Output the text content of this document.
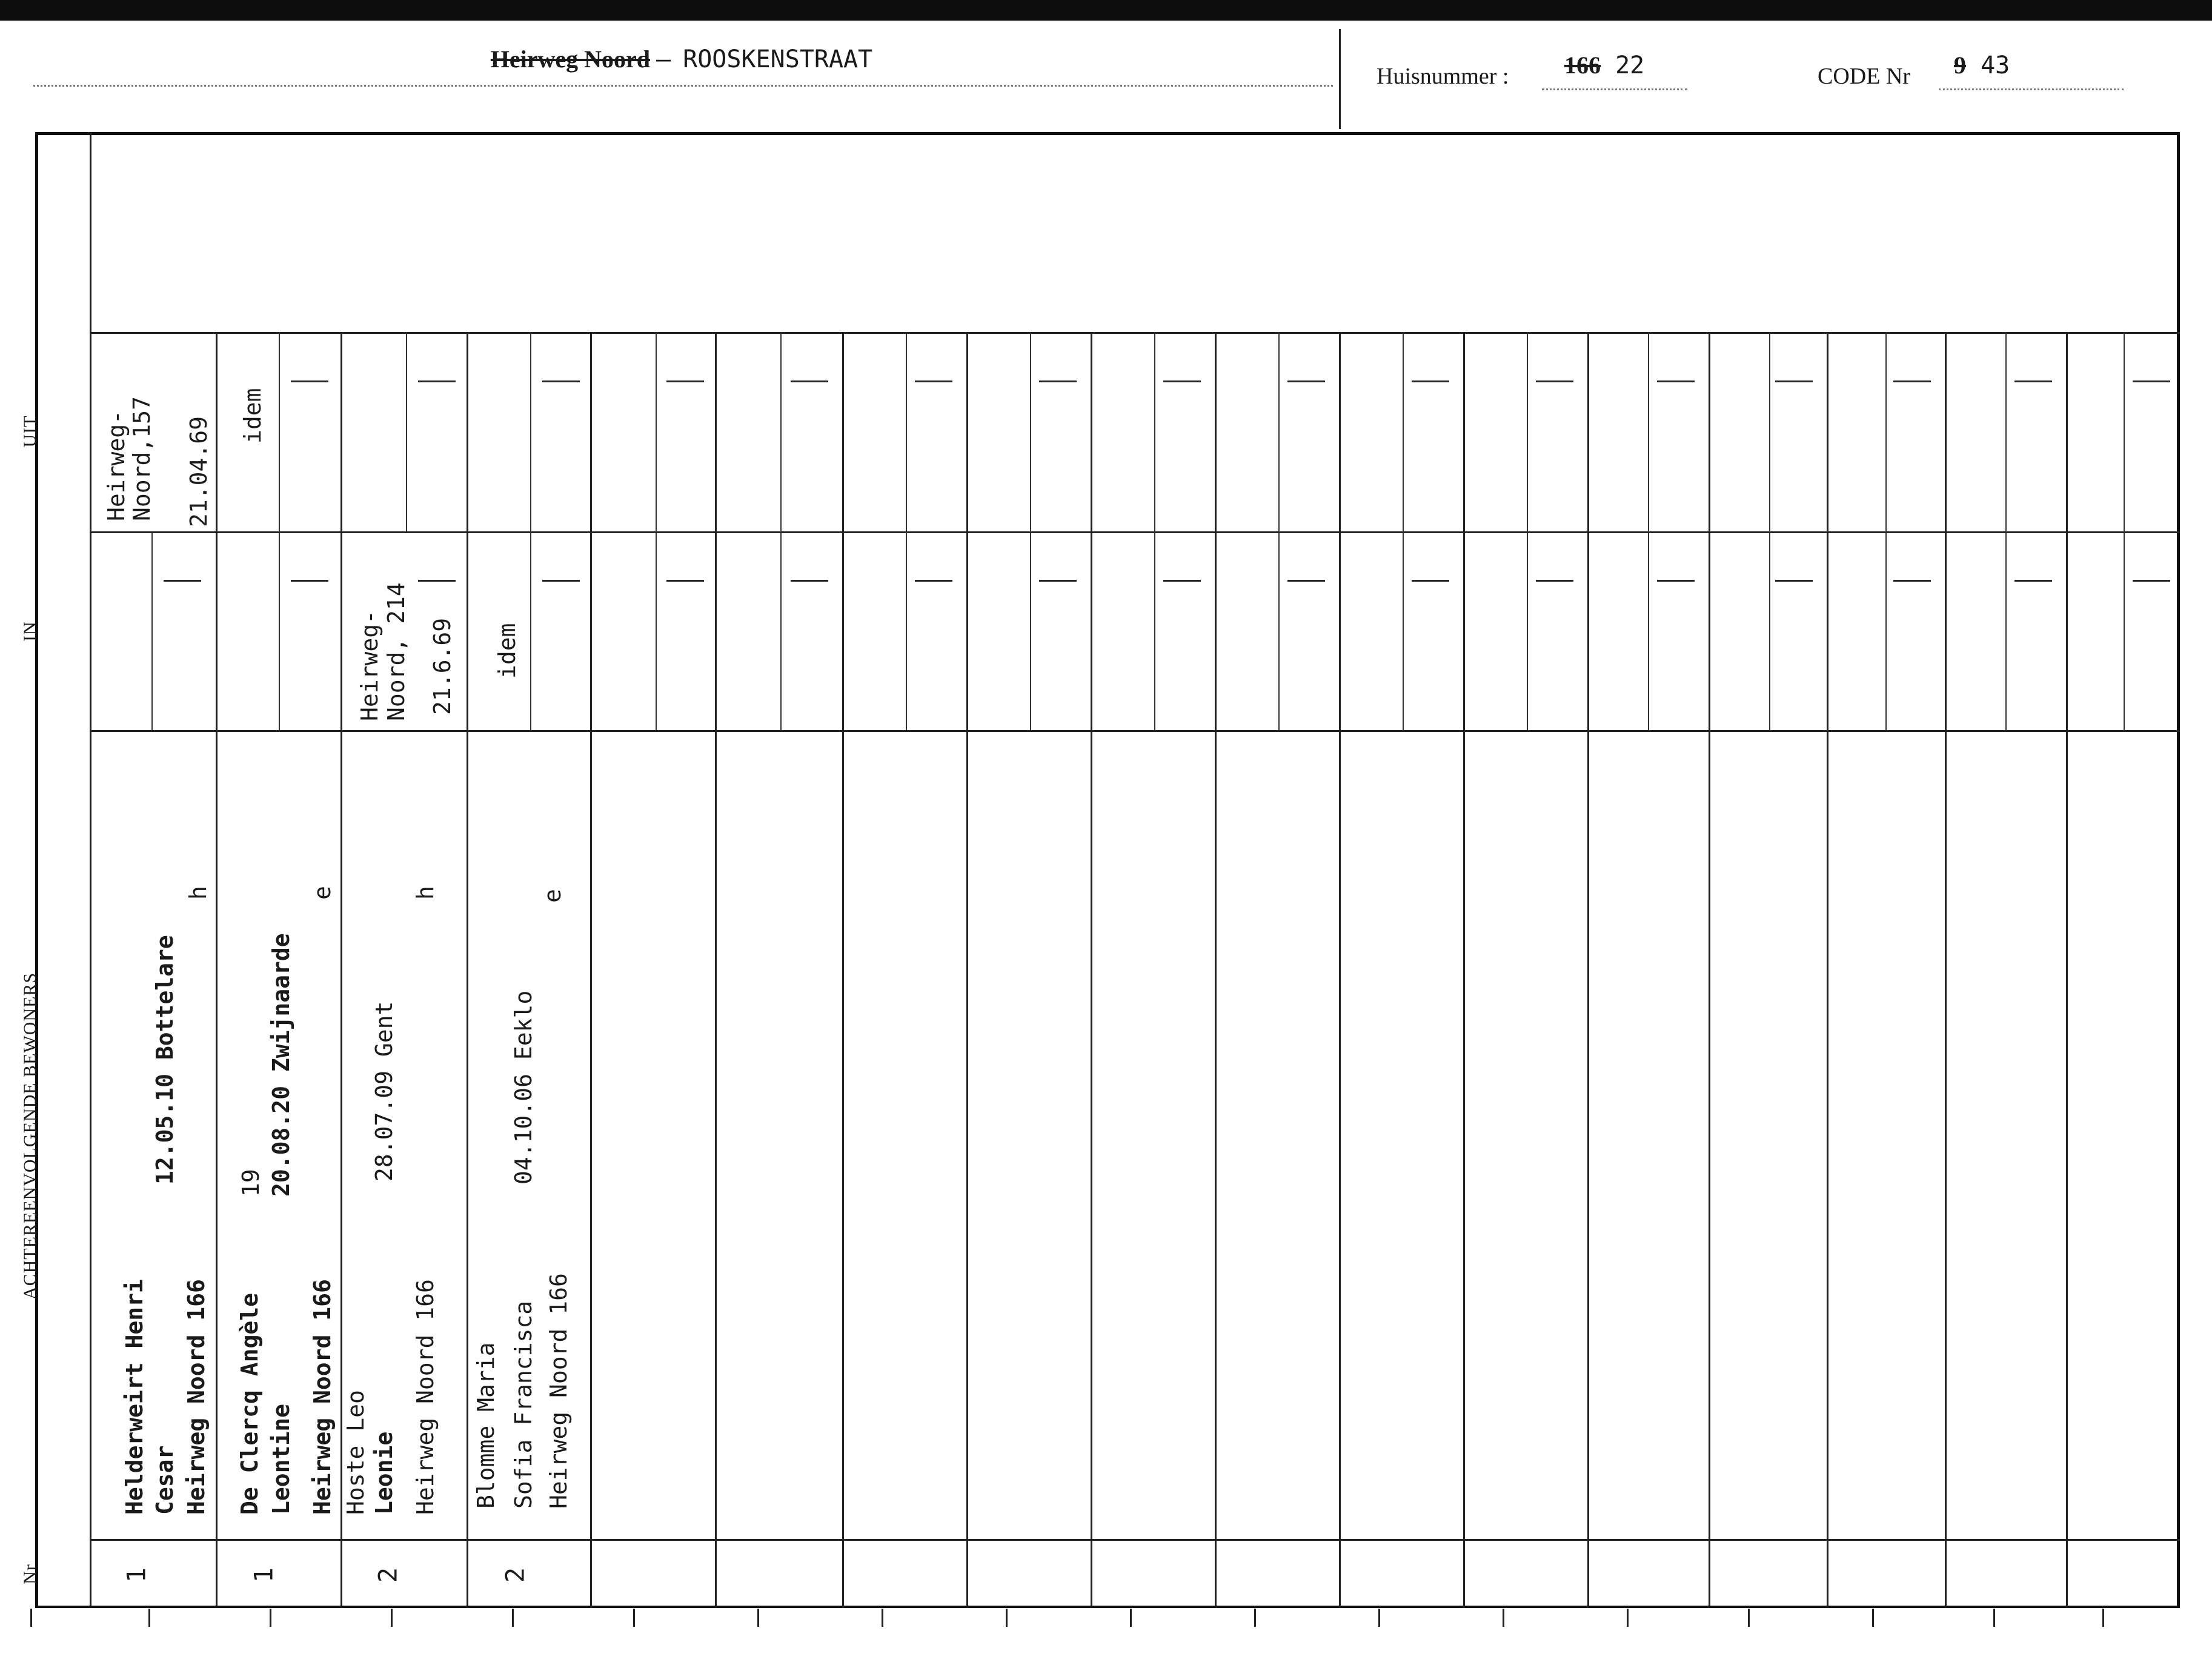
Heirweg Noord — ROOSKENSTRAAT
Huisnummer : 166 22	CODE Nr 9 43
Nr
ACHTEREENVOLGENDE BEWONERS
IN
UIT
1
Helderweirt Henri Cesar Heirweg Noord 166
12.05.10 Bottelare
h
Heirweg-
Noord,157 21.04.69
1
De Clercq Angèle Leontine Heirweg Noord 166
19 20.08.20 Zwijnaarde
e
idem
2
Hoste Leo Leonie Heirweg Noord 166
28.07.09 Gent
h
Heirweg- Noord, 214 21.6.69
2
Blomme Maria Sofia Francisca Heirweg Noord 166
04.10.06 Eeklo
e
idem
